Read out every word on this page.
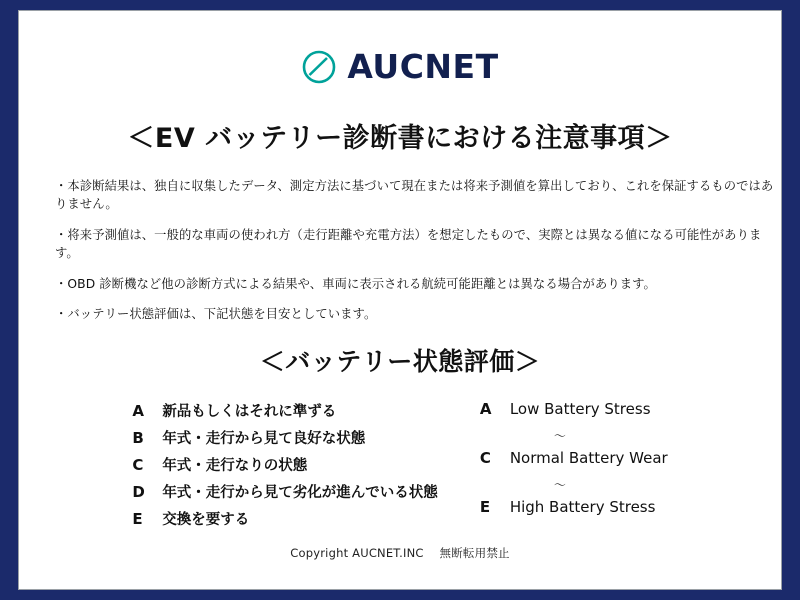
AUCNET
＜EV バッテリー診断書における注意事項＞
・本診断結果は、独自に収集したデータ、測定方法に基づいて現在または将来予測値を算出しており、これを保証するものではありません。
・将来予測値は、一般的な車両の使われ方（走行距離や充電方法）を想定したもので、実際とは異なる値になる可能性があります。
・OBD 診断機など他の診断方式による結果や、車両に表示される航続可能距離とは異なる場合があります。
・バッテリー状態評価は、下記状態を目安としています。
＜バッテリー状態評価＞
A	新品もしくはそれに準ずる
B	年式・走行から見て良好な状態
C	年式・走行なりの状態
D 年式・走行から見て劣化が進んでいる状態
E	交換を要する
A Low Battery Stress
〜
C	Normal Battery Wear
〜
E	High Battery Stress
Copyright AUCNET.INC 無断転用禁止
